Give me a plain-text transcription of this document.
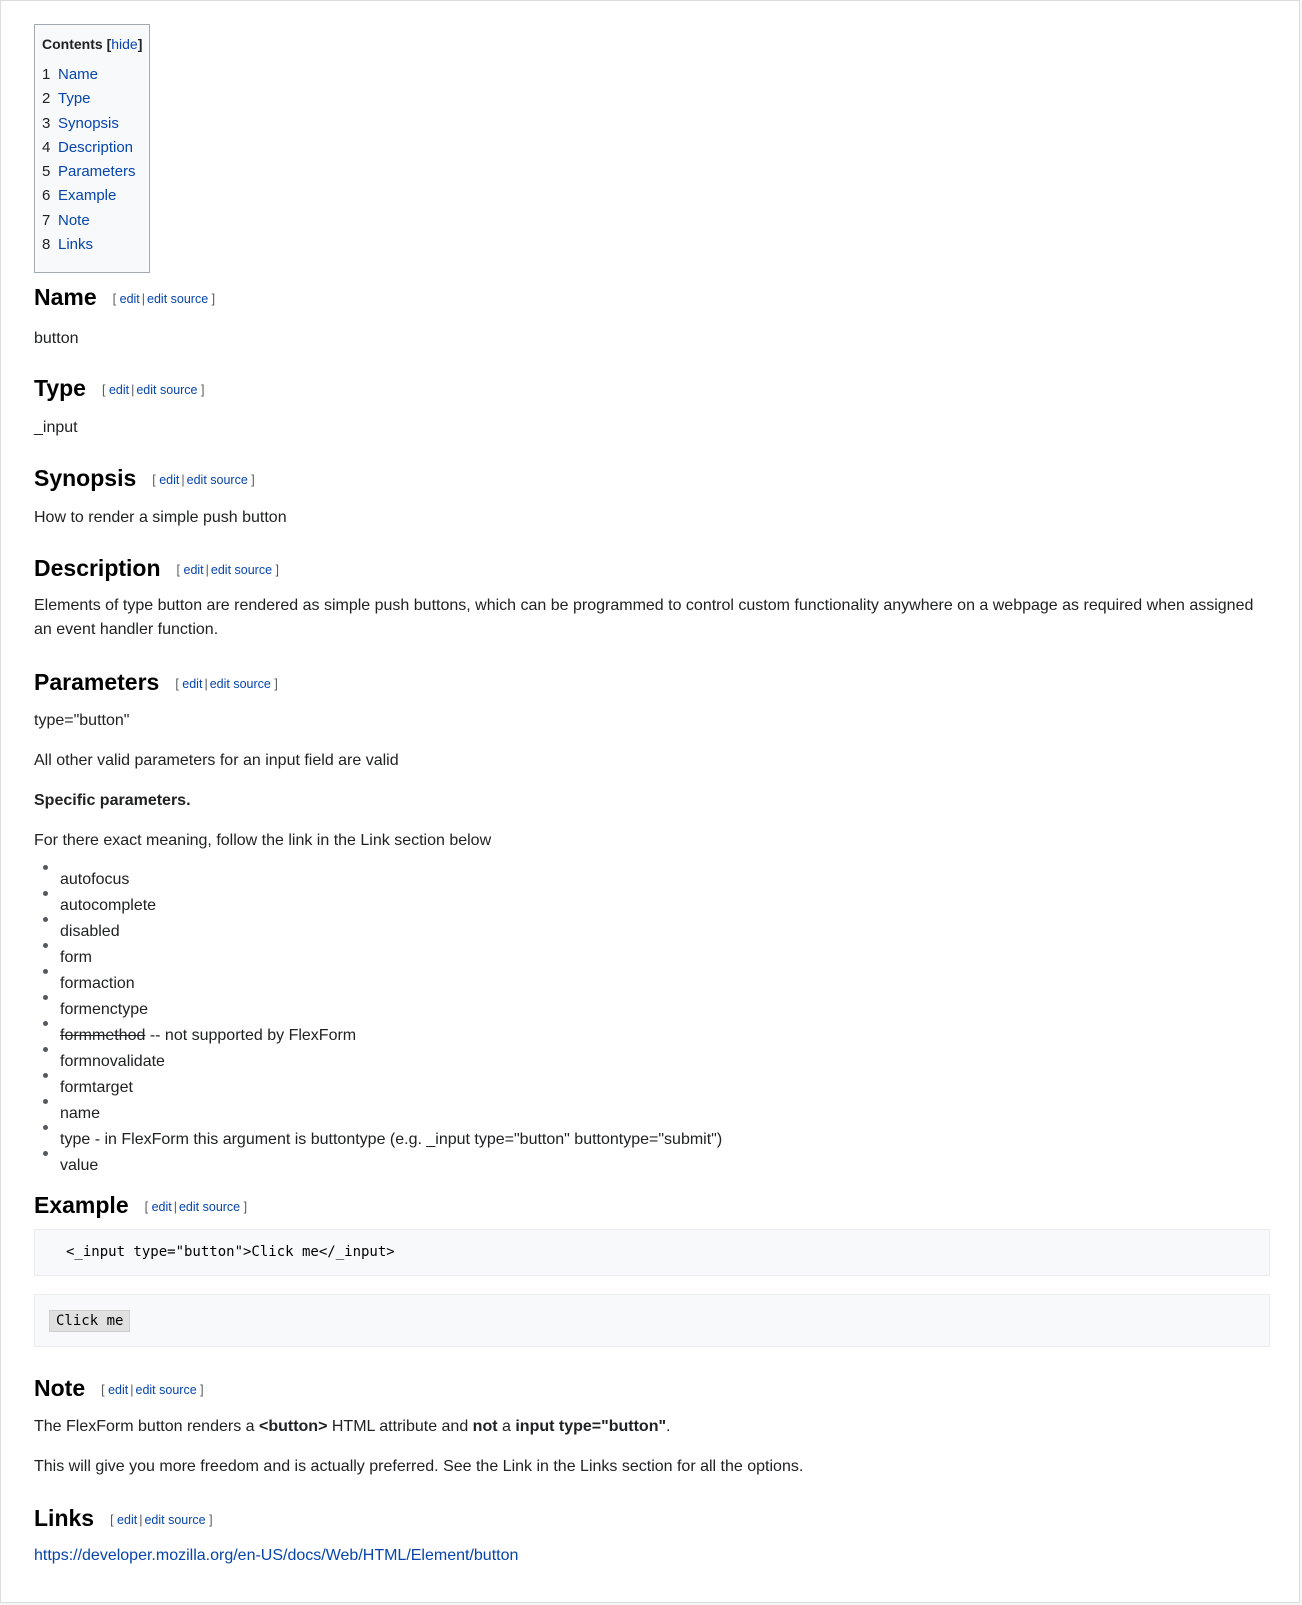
Contents [hide]
1 Name
2 Type
3 Synopsis
4 Description
5 Parameters
6 Example
7 Note
8 Links
Name [ edit | edit source ]
button
Type [ edit | edit source ]
_input
Synopsis [ edit | edit source ]
How to render a simple push button
Description [ edit | edit source ]
Elements of type button are rendered as simple push buttons, which can be programmed to control custom functionality anywhere on a webpage as required when assigned an event handler function.
Parameters [ edit | edit source ]
type="button"
All other valid parameters for an input field are valid
Specific parameters.
For there exact meaning, follow the link in the Link section below
autofocus
autocomplete
disabled
form
formaction
formenctype
formmethod -- not supported by FlexForm
formnovalidate
formtarget
name
type - in FlexForm this argument is buttontype (e.g. _input type="button" buttontype="submit")
value
Example [ edit | edit source ]
<_input type="button">Click me</_input>
Click me
Note [ edit | edit source ]
The FlexForm button renders a <button> HTML attribute and not a input type="button".
This will give you more freedom and is actually preferred. See the Link in the Links section for all the options.
Links [ edit | edit source ]
https://developer.mozilla.org/en-US/docs/Web/HTML/Element/button
